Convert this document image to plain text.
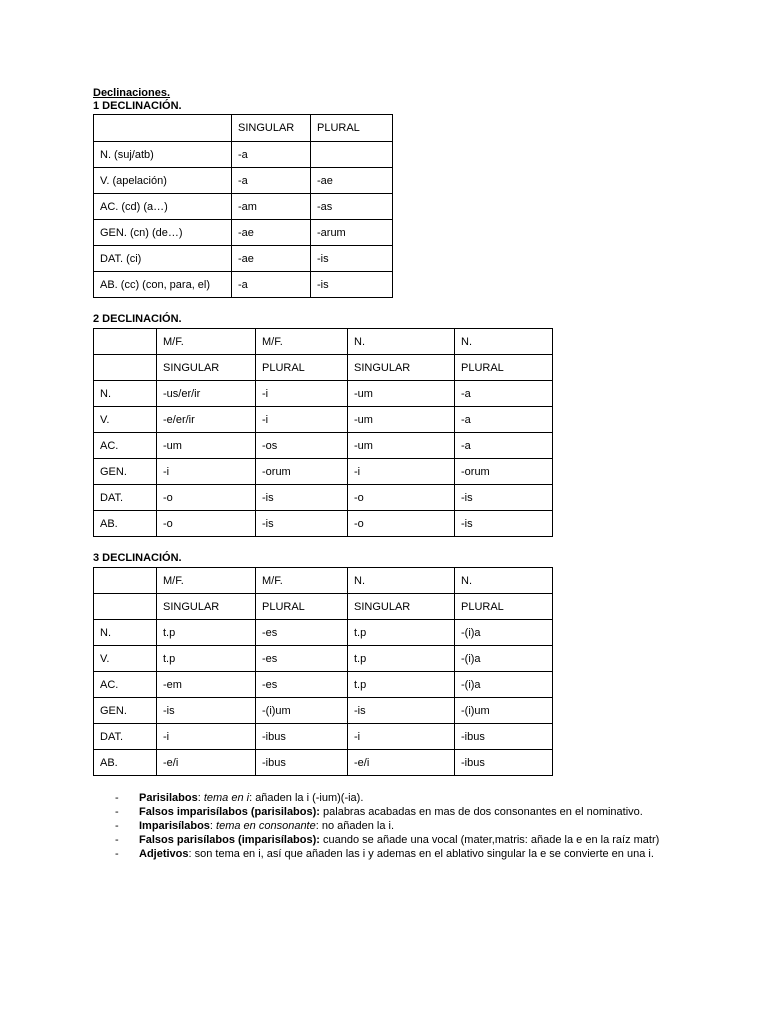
Declinaciones.
1 DECLINACIÓN.
	SINGULAR	PLURAL
N. (suj/atb)	-a	
V. (apelación)	-a	-ae
AC. (cd) (a…)	-am	-as
GEN. (cn) (de…)	-ae	-arum
DAT. (ci)	-ae	-is
AB. (cc) (con, para, el)	-a	-is
2 DECLINACIÓN.
	M/F.	M/F.	N.	N.
	SINGULAR	PLURAL	SINGULAR	PLURAL
N.	-us/er/ir	-i	-um	-a
V.	-e/er/ir	-i	-um	-a
AC.	-um	-os	-um	-a
GEN.	-i	-orum	-i	-orum
DAT.	-o	-is	-o	-is
AB.	-o	-is	-o	-is
3 DECLINACIÓN.
	M/F.	M/F.	N.	N.
	SINGULAR	PLURAL	SINGULAR	PLURAL
N.	t.p	-es	t.p	-(i)a
V.	t.p	-es	t.p	-(i)a
AC.	-em	-es	t.p	-(i)a
GEN.	-is	-(i)um	-is	-(i)um
DAT.	-i	-ibus	-i	-ibus
AB.	-e/i	-ibus	-e/i	-ibus
- Parisilabos: tema en i: añaden la i (-ium)(-ia).
- Falsos imparisílabos (parisilabos): palabras acabadas en mas de dos consonantes en el nominativo.
- Imparisílabos: tema en consonante: no añaden la i.
- Falsos parisílabos (imparisílabos): cuando se añade una vocal (mater,matris: añade la e en la raíz matr)
- Adjetivos: son tema en i, así que añaden las i y ademas en el ablativo singular la e se convierte en una i.
